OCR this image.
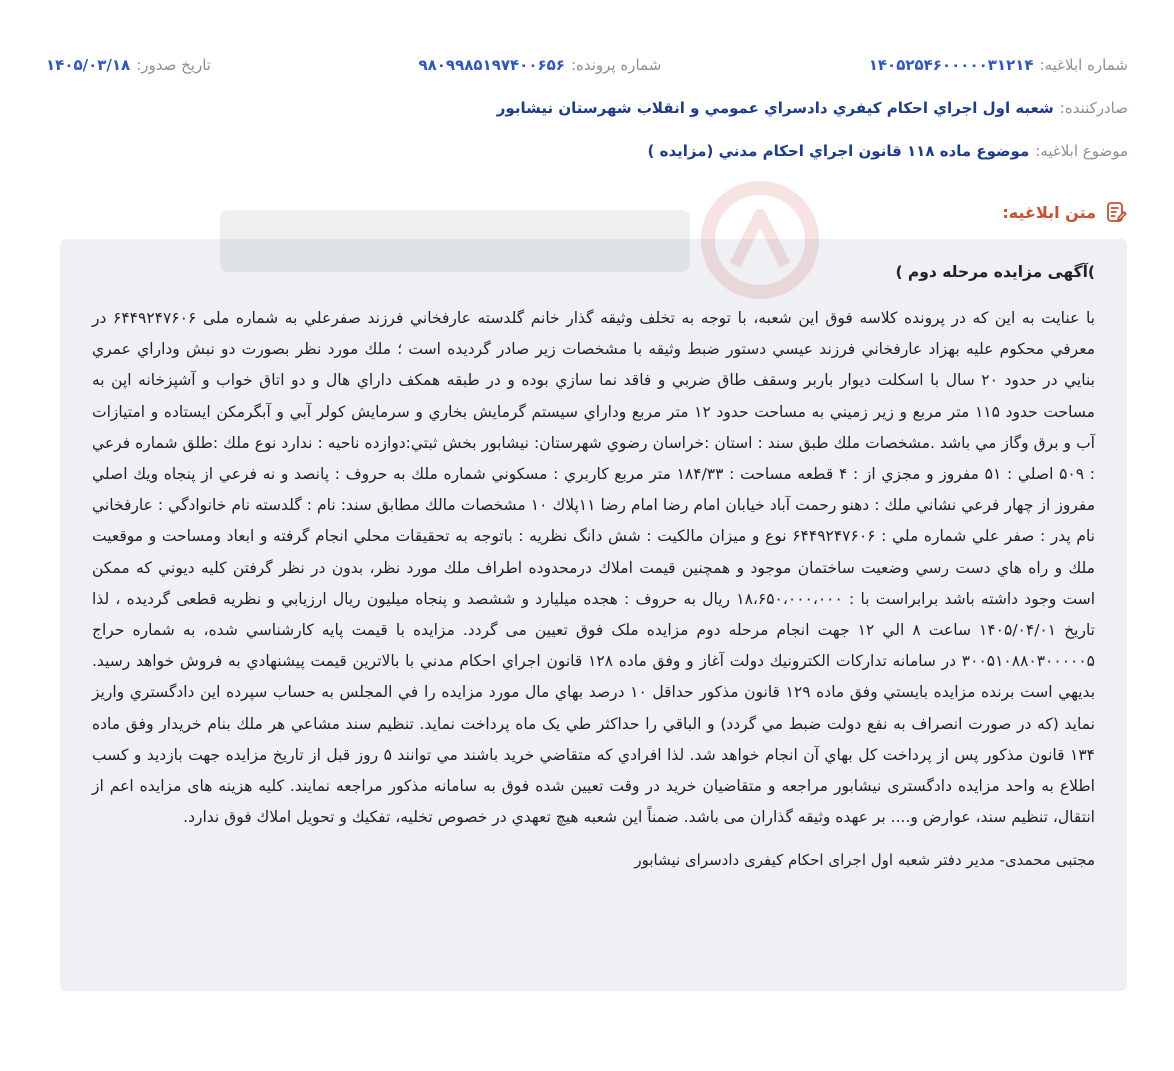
شماره ابلاغیه:
۱۴۰۵۲۵۴۶۰۰۰۰۰۳۱۲۱۴
شماره پرونده:
۹۸۰۹۹۸۵۱۹۷۴۰۰۶۵۶
تاریخ صدور:
۱۴۰۵/۰۳/۱۸
صادرکننده:
شعبه اول اجراي احكام كيفري دادسراي عمومي و انقلاب شهرستان نيشابور
موضوع ابلاغیه:
موضوع ماده ۱۱۸ قانون اجراي احكام مدني (مزايده )
متن ابلاغیه:

)آگهی مزایده مرحله دوم )

با عنايت به اين كه در پرونده كلاسه فوق اين شعبه، با توجه به تخلف وثيقه گذار خانم گلدسته عارفخاني فرزند صفرعلي به شماره ملی ۶۴۴۹۲۴۷۶۰۶ در معرفي محكوم عليه بهزاد عارفخاني فرزند عيسي دستور ضبط وثيقه با مشخصات زير صادر گرديده است ؛ ملك مورد نظر بصورت دو نبش وداراي عمري بنايي در حدود ۲۰ سال با اسكلت ديوار باربر وسقف طاق ضربي و فاقد نما سازي بوده و در طبقه همكف داراي هال و دو اتاق خواب و آشپزخانه اپن به مساحت حدود ۱۱۵ متر مربع و زير زميني به مساحت حدود ۱۲ متر مربع وداراي سيستم گرمايش بخاري و سرمايش كولر آبي و آبگرمكن ايستاده و امتيازات آب و برق وگاز مي باشد .مشخصات ملك طبق سند : استان :خراسان رضوي شهرستان: نيشابور بخش ثبتي:دوازده ناحيه : ندارد نوع ملك :طلق شماره فرعي : ۵۰۹ اصلي : ۵۱ مفروز و مجزي از : ۴ قطعه مساحت : ۱۸۴/۳۳ متر مربع كاربري : مسكوني شماره ملك به حروف : پانصد و نه فرعي از پنجاه ويك اصلي مفروز از چهار فرعي نشاني ملك : دهنو رحمت آباد خيابان امام رضا امام رضا ۱۱پلاك ۱۰ مشخصات مالك مطابق سند: نام : گلدسته نام خانوادگي : عارفخاني نام پدر : صفر علي شماره ملي : ۶۴۴۹۲۴۷۶۰۶ نوع و ميزان مالكيت : شش دانگ نظريه : باتوجه به تحقيقات محلي انجام گرفته و ابعاد ومساحت و موقعيت ملك و راه هاي دست رسي وضعيت ساختمان موجود و همچنين قيمت املاك درمحدوده اطراف ملك مورد نظر، بدون در نظر گرفتن كليه ديوني كه ممكن است وجود داشته باشد برابراست با : ۱۸،۶۵۰،۰۰۰،۰۰۰ ريال به حروف : هجده ميليارد و ششصد و پنجاه ميليون ريال ارزيابي و نظريه قطعی گرديده ، لذا تاريخ ۱۴۰۵/۰۴/۰۱ ساعت ۸ الي ۱۲ جهت انجام مرحله دوم مزایده ملک فوق تعیین می گردد. مزايده با قيمت پايه كارشناسي شده، به شماره حراج ۳۰۰۵۱۰۸۸۰۳۰۰۰۰۰۵ در سامانه تداركات الكترونيك دولت آغاز و وفق ماده ۱۲۸ قانون اجراي احكام مدني با بالاترين قيمت پيشنهادي به فروش خواهد رسيد. بديهي است برنده مزايده بايستي وفق ماده ۱۲۹ قانون مذكور حداقل ۱۰ درصد بهاي مال مورد مزايده را في المجلس به حساب سپرده اين دادگستري واريز نمايد (كه در صورت انصراف به نفع دولت ضبط مي گردد) و الباقي را حداكثر طي يک ماه پرداخت نمايد. تنظيم سند مشاعي هر ملك بنام خريدار وفق ماده ۱۳۴ قانون مذكور پس از پرداخت كل بهاي آن انجام خواهد شد. لذا افرادي كه متقاضي خريد باشند مي توانند ۵ روز قبل از تاريخ مزايده جهت بازديد و كسب اطلاع به واحد مزايده دادگستری نيشابور مراجعه و متقاضيان خريد در وقت تعيين شده فوق به سامانه مذكور مراجعه نمايند. كليه هزینه های مزایده اعم از انتقال، تنظیم سند، عوارض و.... بر عهده وثیقه گذاران می باشد. ضمناً اين شعبه هيچ تعهدي در خصوص تخليه، تفكيك و تحويل املاك فوق ندارد.

مجتبی محمدی- مدیر دفتر شعبه اول اجرای احکام کیفری دادسرای نیشابور
